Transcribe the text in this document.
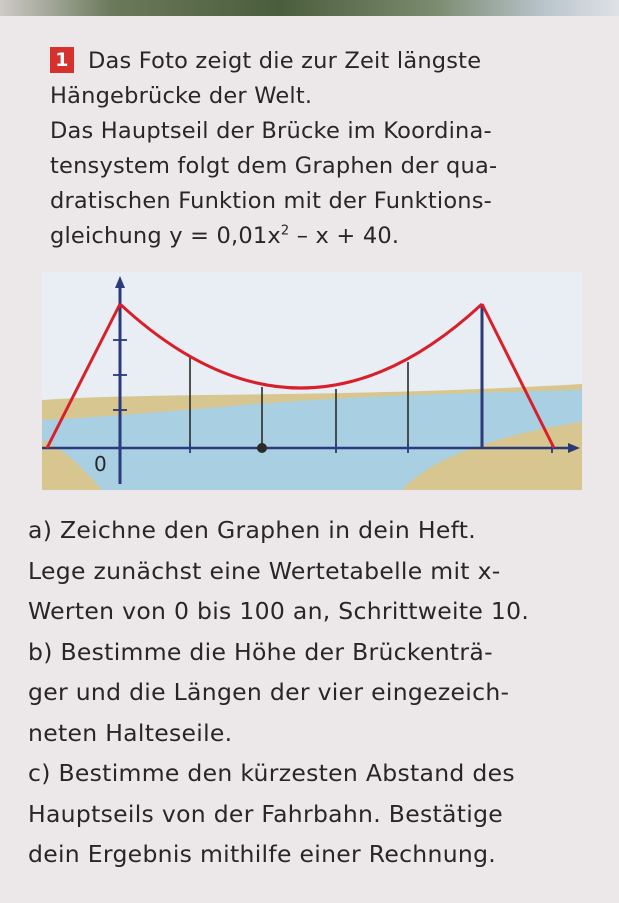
1 Das Foto zeigt die zur Zeit längste

Hängebrücke der Welt.

Das Hauptseil der Brücke im Koordina-

tensystem folgt dem Graphen der qua-

dratischen Funktion mit der Funktions-

gleichung $y = 0,01x^2 - x + 40$.

0

a) Zeichne den Graphen in dein Heft.

Lege zunächst eine Wertetabelle mit x-

Werten von 0 bis 100 an, Schrittweite 10.

b) Bestimme die Höhe der Brückenträ-

ger und die Längen der vier eingezeich-

neten Halteseile.

c) Bestimme den kürzesten Abstand des

Hauptseils von der Fahrbahn. Bestätige

dein Ergebnis mithilfe einer Rechnung.
